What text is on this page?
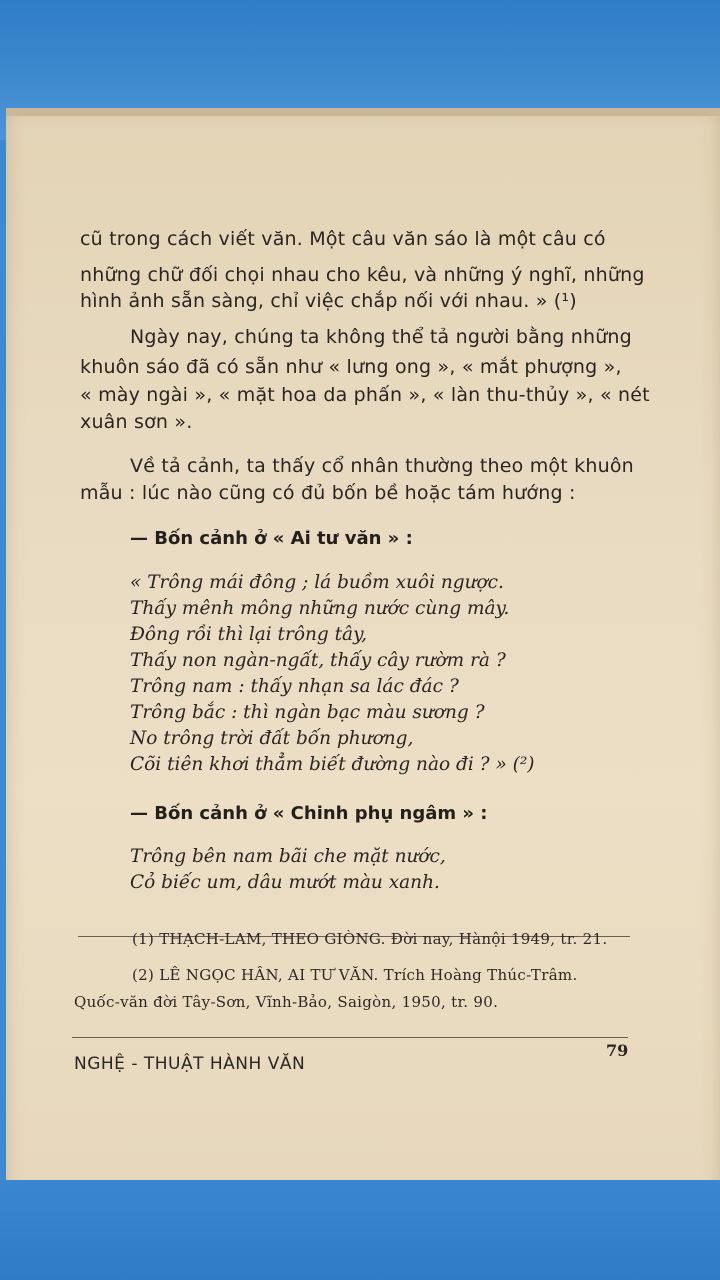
cũ trong cách viết văn. Một câu văn sáo là một câu có
những chữ đối chọi nhau cho kêu, và những ý nghĩ, những
hình ảnh sẵn sàng, chỉ việc chắp nối với nhau. » (¹)
Ngày nay, chúng ta không thể tả người bằng những
khuôn sáo đã có sẵn như « lưng ong », « mắt phượng »,
« mày ngài », « mặt hoa da phấn », « làn thu-thủy », « nét
xuân sơn ».
Về tả cảnh, ta thấy cổ nhân thường theo một khuôn
mẫu : lúc nào cũng có đủ bốn bề hoặc tám hướng :
— Bốn cảnh ở « Ai tư văn » :
« Trông mái đông ; lá buồm xuôi ngược.
Thấy mênh mông những nước cùng mây.
Đông rồi thì lại trông tây,
Thấy non ngàn-ngất, thấy cây rườm rà ?
Trông nam : thấy nhạn sa lác đác ?
Trông bắc : thì ngàn bạc màu sương ?
No trông trời đất bốn phương,
Cõi tiên khơi thẳm biết đường nào đi ? » (²)
— Bốn cảnh ở « Chinh phụ ngâm » :
Trông bên nam bãi che mặt nước,
Cỏ biếc um, dâu mướt màu xanh.
(1) THẠCH-LAM, THEO GIÒNG. Đời nay, Hànội 1949, tr. 21.
(2) LÊ NGỌC HÂN, AI TƯ VĂN. Trích Hoàng Thúc-Trâm.
Quốc-văn đời Tây-Sơn, Vĩnh-Bảo, Saigòn, 1950, tr. 90.
NGHỆ - THUẬT HÀNH VĂN
79
